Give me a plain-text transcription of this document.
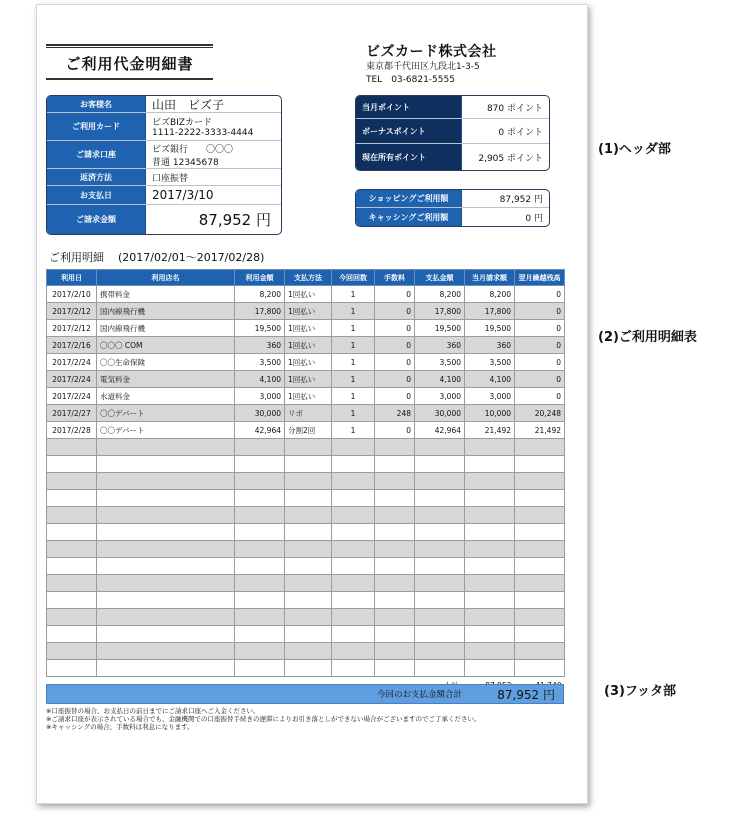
ご利用代金明細書
ビズカード株式会社
東京都千代田区九段北1-3-5
TEL　03-6821-5555
お客様名	山田　ビズ子
ご利用カード	ビズBIZカード
1111-2222-3333-4444
ご請求口座	ビズ銀行　　〇〇〇
普通 12345678
返済方法	口座振替
お支払日	2017/3/10
ご請求金額	87,952 円
当月ポイント	870 ポイント
ボーナスポイント	0 ポイント
現在所有ポイント	2,905 ポイント
ショッピングご利用額	87,952 円
キャッシングご利用額	0 円
ご利用明細 (2017/02/01～2017/02/28)
利用日	利用店名	利用金額	支払方法	今回回数	手数料	支払金額	当月請求額	翌月繰越残高
2017/2/10	携帯料金	8,200	1回払い	1	0	8,200	8,200	0
2017/2/12	国内線飛行機	17,800	1回払い	1	0	17,800	17,800	0
2017/2/12	国内線飛行機	19,500	1回払い	1	0	19,500	19,500	0
2017/2/16	〇〇〇 COM	360	1回払い	1	0	360	360	0
2017/2/24	〇〇生命保険	3,500	1回払い	1	0	3,500	3,500	0
2017/2/24	電気料金	4,100	1回払い	1	0	4,100	4,100	0
2017/2/24	水道料金	3,000	1回払い	1	0	3,000	3,000	0
2017/2/27	〇〇デパート	30,000	リボ	1	248	30,000	10,000	20,248
2017/2/28	〇〇デパート	42,964	分割2回	1	0	42,964	21,492	21,492

今回のお支払金額合計	87,952 円
※口座振替の場合、お支払日の前日までにご請求口座へご入金ください。
※ご請求口座が表示されている場合でも、金融機関での口座振替手続きの遅滞によりお引き落としができない場合がございますのでご了承ください。
※キャッシングの場合、手数料は利息になります。
(1)ヘッダ部
(2)ご利用明細表
(3)フッタ部
